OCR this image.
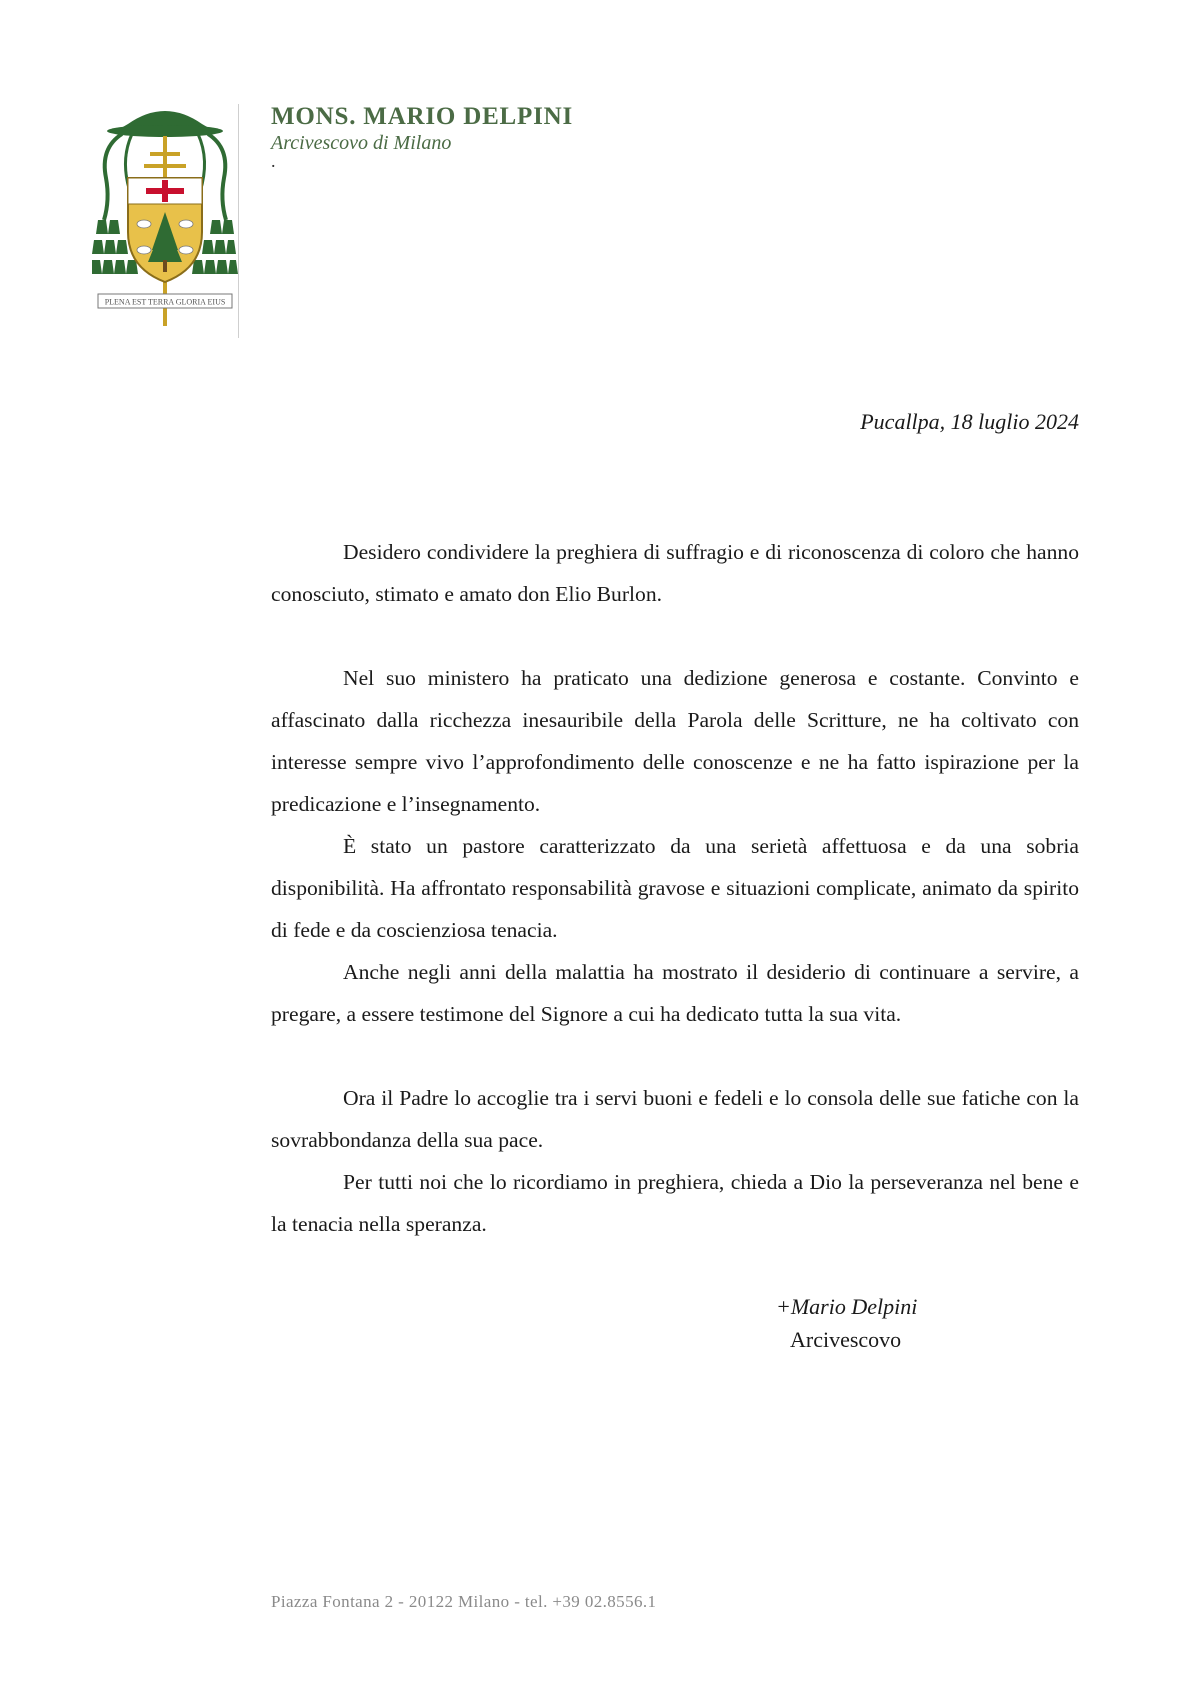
PLENA EST TERRA GLORIA EIUS
MONS. MARIO DELPINI
Arcivescovo di Milano
.
Pucallpa, 18 luglio 2024

Desidero condividere la preghiera di suffragio e di riconoscenza di coloro che hanno conosciuto, stimato e amato don Elio Burlon.

Nel suo ministero ha praticato una dedizione generosa e costante. Convinto e affascinato dalla ricchezza inesauribile della Parola delle Scritture, ne ha coltivato con interesse sempre vivo l’approfondimento delle conoscenze e ne ha fatto ispirazione per la predicazione e l’insegnamento.

È stato un pastore caratterizzato da una serietà affettuosa e da una sobria disponibilità. Ha affrontato responsabilità gravose e situazioni complicate, animato da spirito di fede e da coscienziosa tenacia.

Anche negli anni della malattia ha mostrato il desiderio di continuare a servire, a pregare, a essere testimone del Signore a cui ha dedicato tutta la sua vita.

Ora il Padre lo accoglie tra i servi buoni e fedeli e lo consola delle sue fatiche con la sovrabbondanza della sua pace.

Per tutti noi che lo ricordiamo in preghiera, chieda a Dio la perseveranza nel bene e la tenacia nella speranza.

+Mario Delpini
Arcivescovo
Piazza Fontana 2 - 20122 Milano - tel. +39 02.8556.1
